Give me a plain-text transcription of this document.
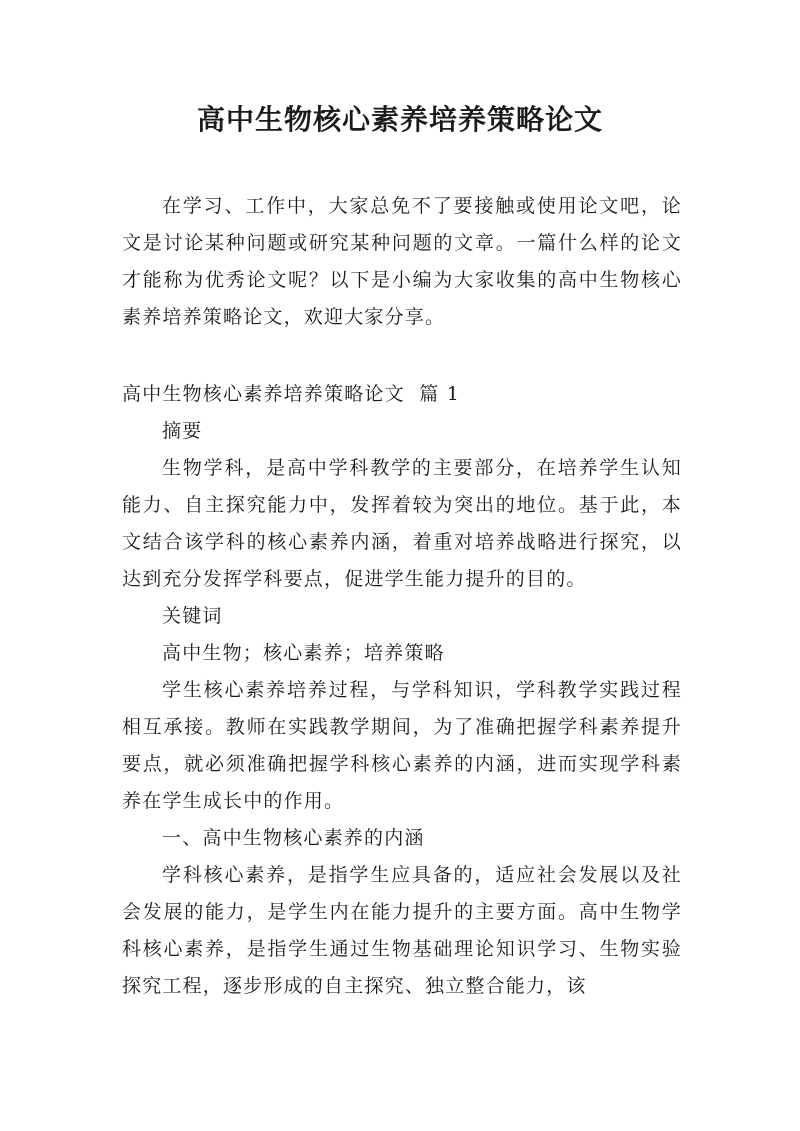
高中生物核心素养培养策略论文

在学习、工作中，大家总免不了要接触或使用论文吧，论文是讨论某种问题或研究某种问题的文章。一篇什么样的论文才能称为优秀论文呢？以下是小编为大家收集的高中生物核心素养培养策略论文，欢迎大家分享。

高中生物核心素养培养策略论文  篇 1
摘要

生物学科，是高中学科教学的主要部分，在培养学生认知能力、自主探究能力中，发挥着较为突出的地位。基于此，本文结合该学科的核心素养内涵，着重对培养战略进行探究，以达到充分发挥学科要点，促进学生能力提升的目的。

关键词
高中生物；核心素养；培养策略

学生核心素养培养过程，与学科知识，学科教学实践过程相互承接。教师在实践教学期间，为了准确把握学科素养提升要点，就必须准确把握学科核心素养的内涵，进而实现学科素养在学生成长中的作用。

一、高中生物核心素养的内涵

学科核心素养，是指学生应具备的，适应社会发展以及社会发展的能力，是学生内在能力提升的主要方面。高中生物学科核心素养，是指学生通过生物基础理论知识学习、生物实验探究工程，逐步形成的自主探究、独立整合能力，该
